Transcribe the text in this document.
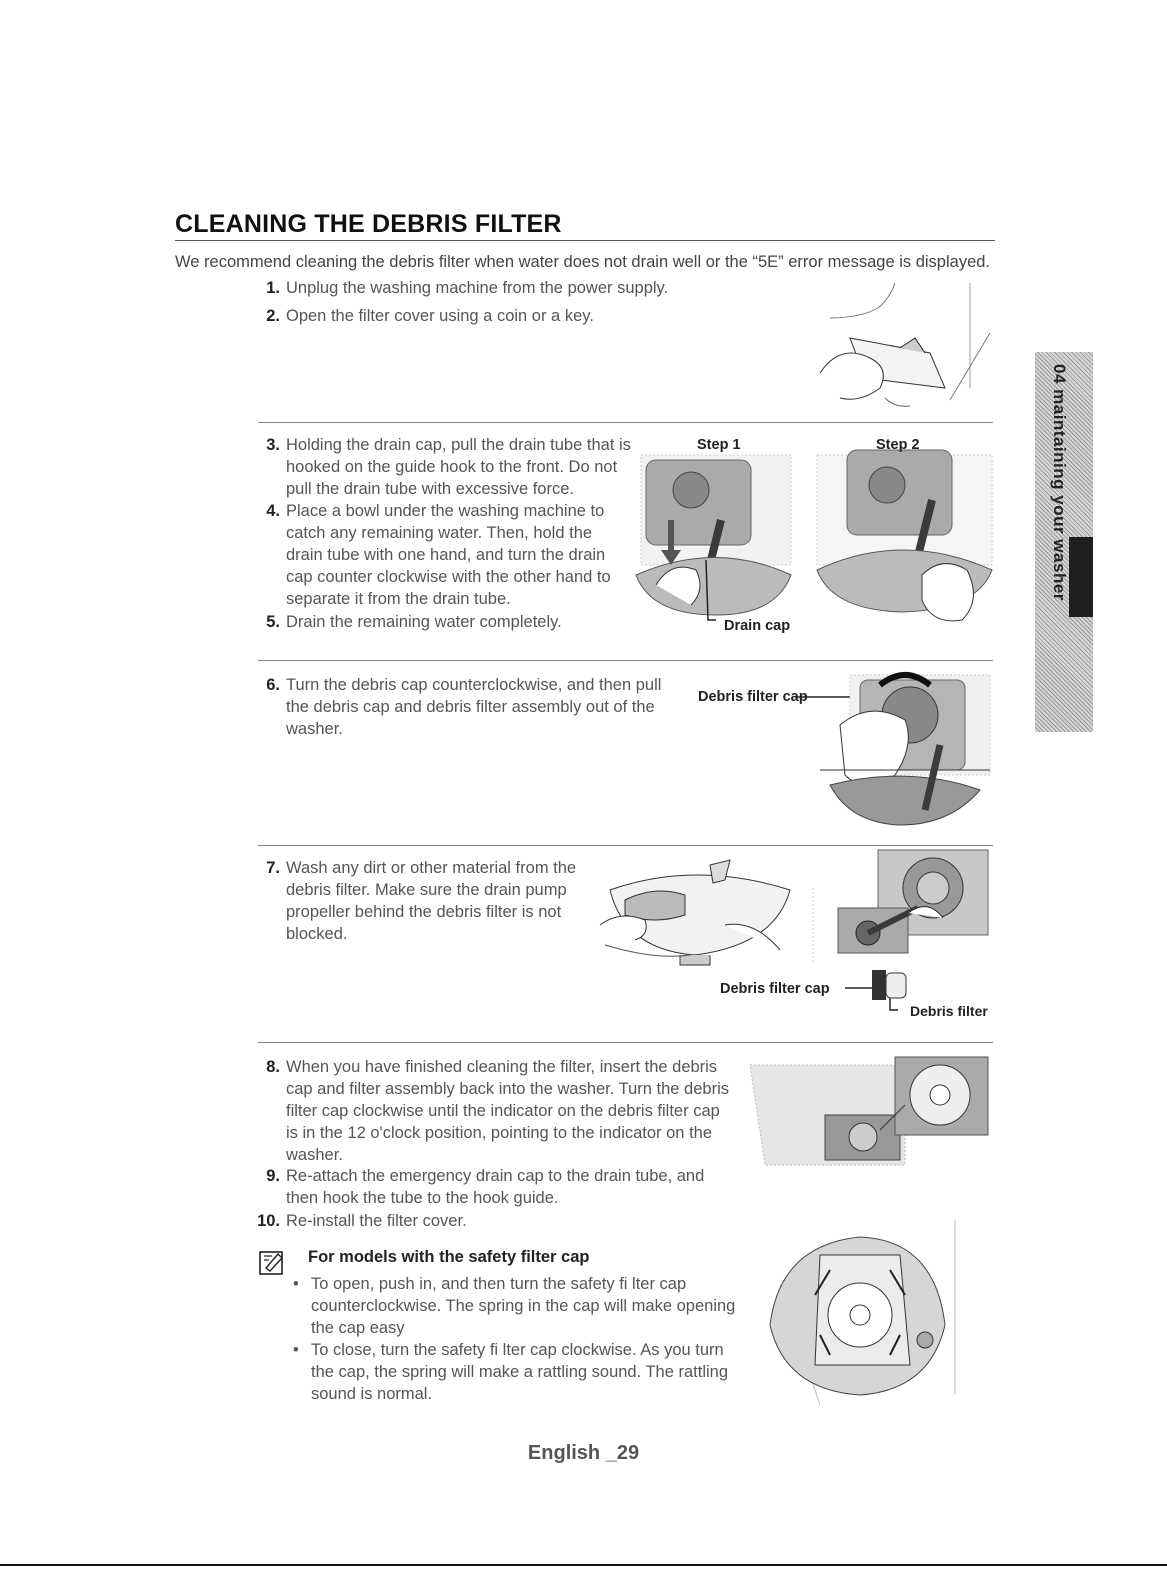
CLEANING THE DEBRIS FILTER
We recommend cleaning the debris filter when water does not drain well or the “5E” error message is displayed.
04 maintaining your washer
1. Unplug the washing machine from the power supply.
2. Open the filter cover using a coin or a key.
3. Holding the drain cap, pull the drain tube that is hooked on the guide hook to the front. Do not pull the drain tube with excessive force.
4. Place a bowl under the washing machine to catch any remaining water. Then, hold the drain tube with one hand, and turn the drain cap counter clockwise with the other hand to separate it from the drain tube.
5. Drain the remaining water completely.
Step 1
Drain cap
Step 2
6. Turn the debris cap counterclockwise, and then pull the debris cap and debris filter assembly out of the washer.
Debris filter cap
7. Wash any dirt or other material from the debris filter. Make sure the drain pump propeller behind the debris filter is not blocked.
Debris filter cap
Debris filter
8. When you have finished cleaning the filter, insert the debris cap and filter assembly back into the washer. Turn the debris filter cap clockwise until the indicator on the debris filter cap is in the 12 o'clock position, pointing to the indicator on the washer.
9. Re-attach the emergency drain cap to the drain tube, and then hook the tube to the hook guide.
10. Re-install the filter cover.
For models with the safety filter cap
• To open, push in, and then turn the safety fi lter cap counterclockwise. The spring in the cap will make opening the cap easy
• To close, turn the safety fi lter cap clockwise. As you turn the cap, the spring will make a rattling sound. The rattling sound is normal.
English _29
